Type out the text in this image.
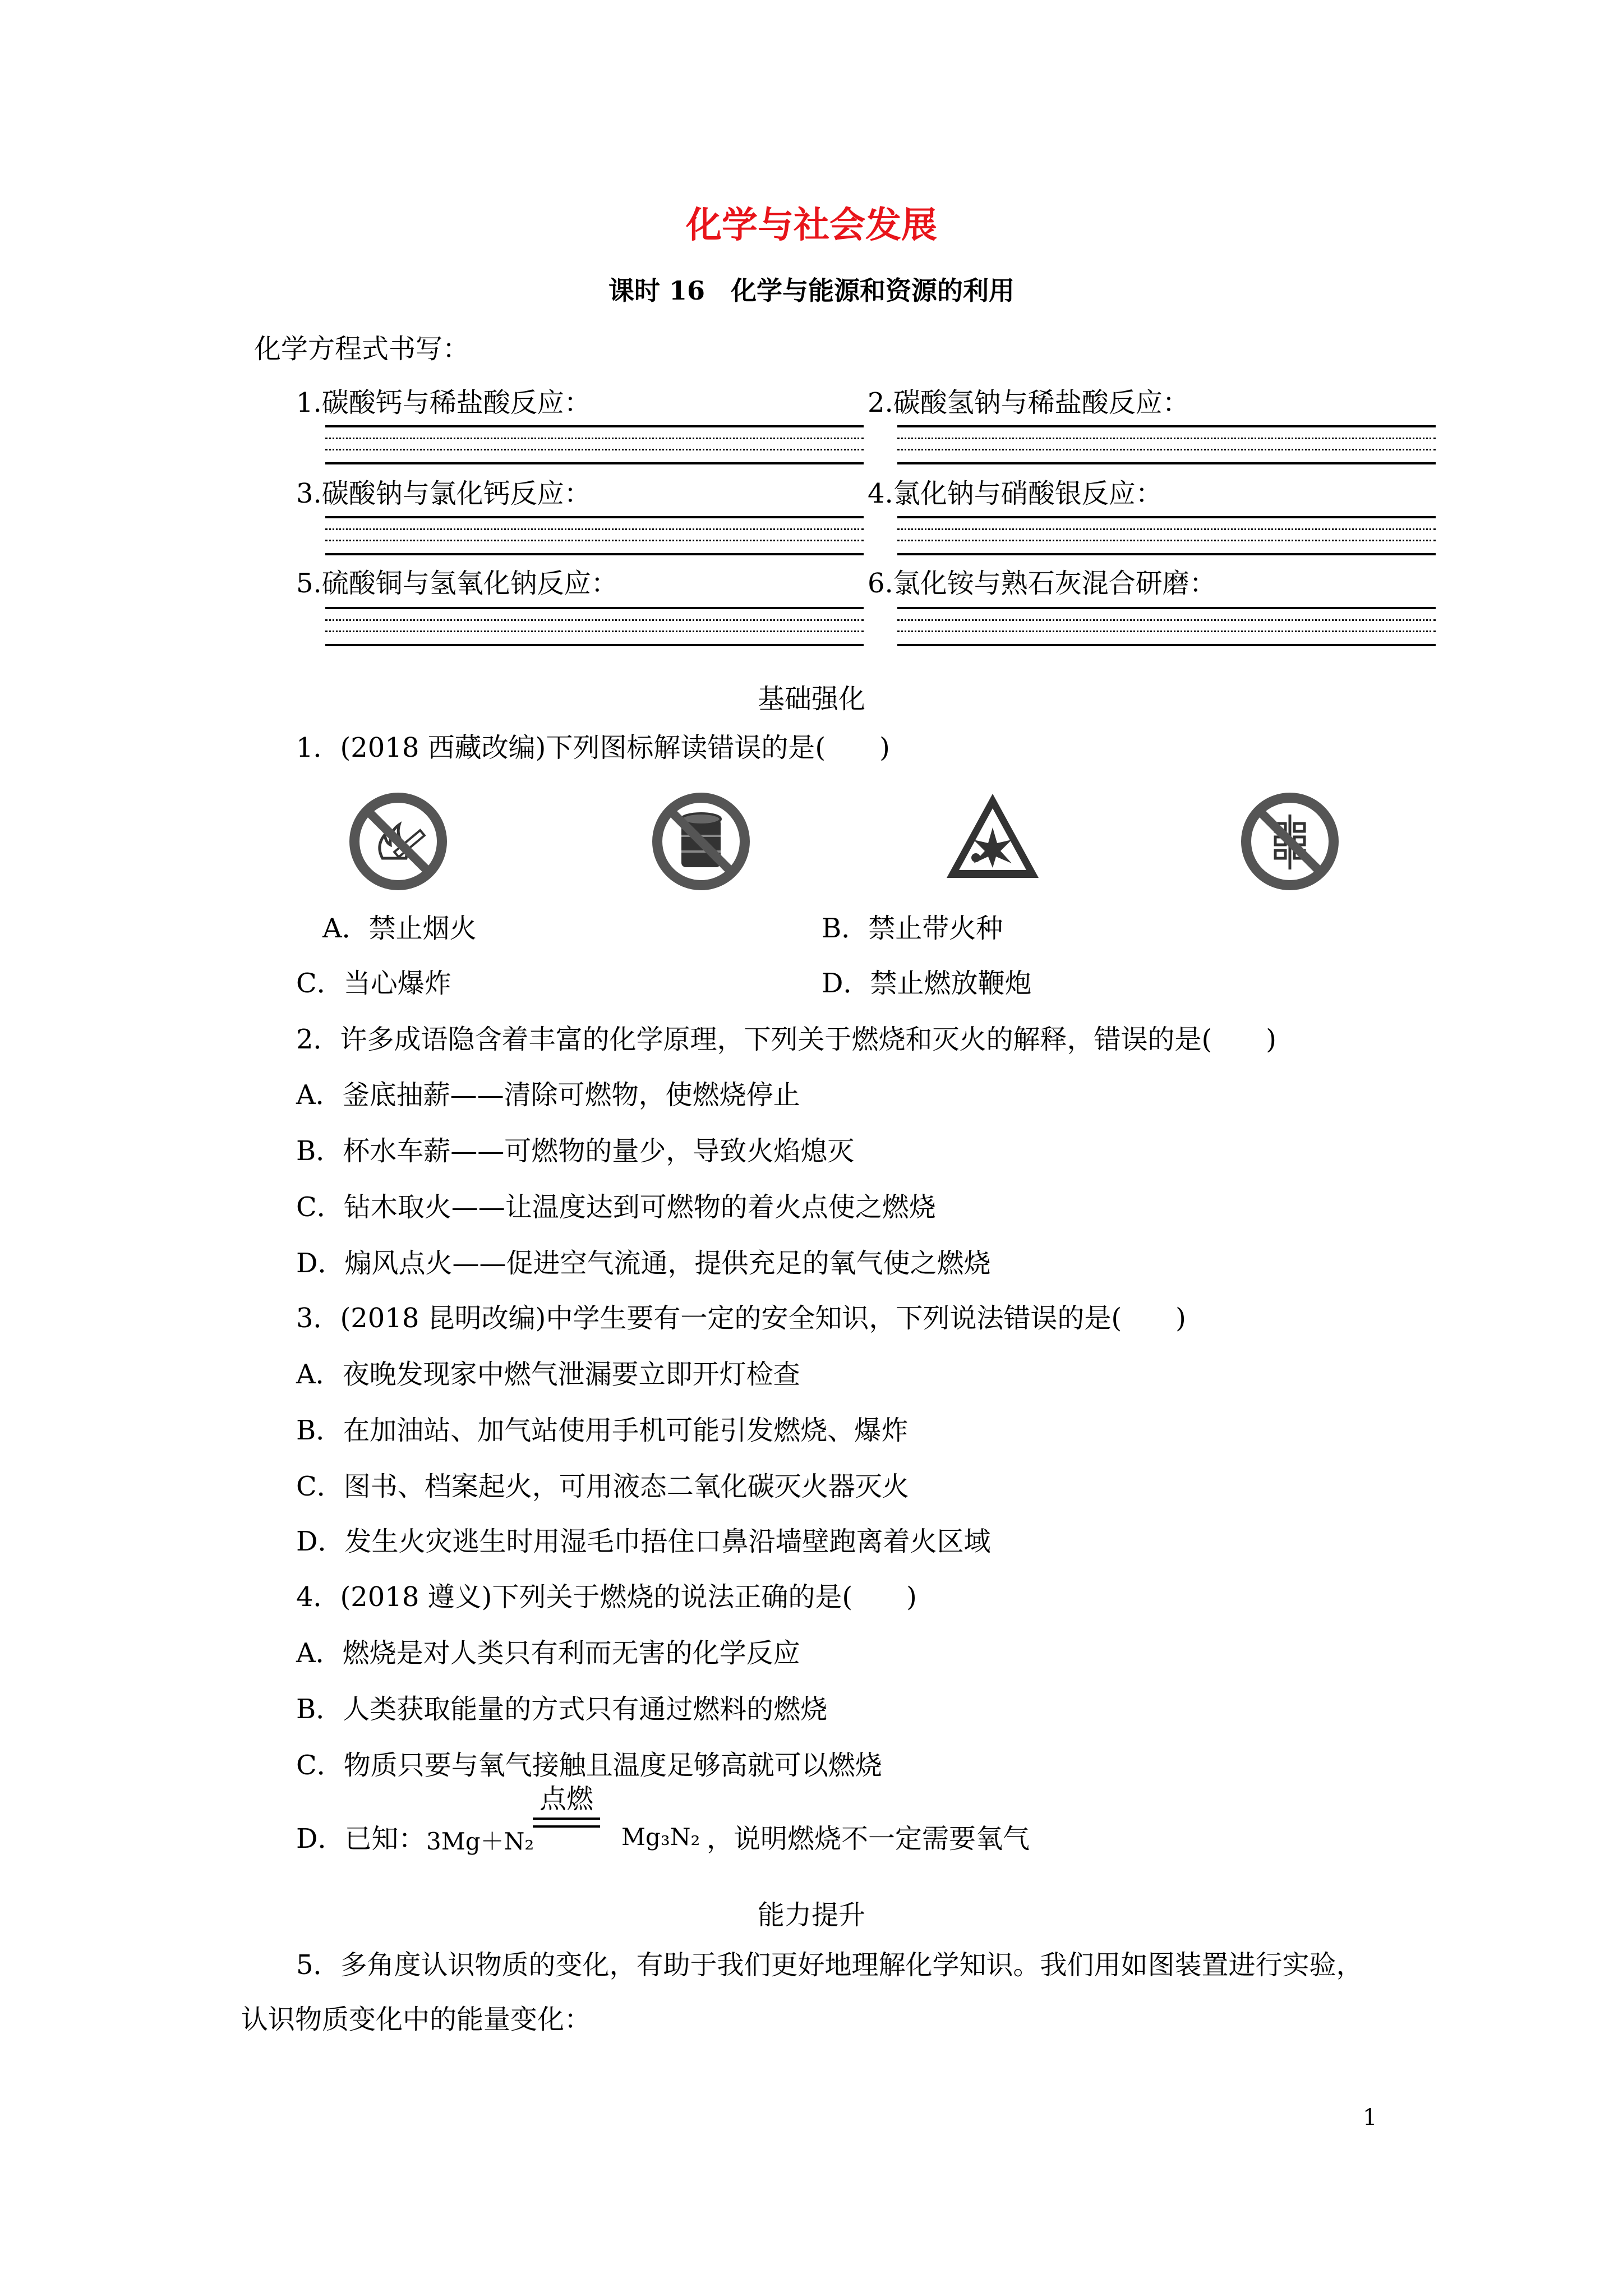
化学与社会发展
课时 16　化学与能源和资源的利用
化学方程式书写：
1.碳酸钙与稀盐酸反应：	2.碳酸氢钠与稀盐酸反应：
3.碳酸钠与氯化钙反应：	4.氯化钠与硝酸银反应：
5.硫酸铜与氢氧化钠反应：	6.氯化铵与熟石灰混合研磨：
基础强化
1．(2018 西藏改编)下列图标解读错误的是(　　)
A．禁止烟火	B．禁止带火种
C．当心爆炸	D．禁止燃放鞭炮
2．许多成语隐含着丰富的化学原理，下列关于燃烧和灭火的解释，错误的是(　　)
A．釜底抽薪——清除可燃物，使燃烧停止
B．杯水车薪——可燃物的量少，导致火焰熄灭
C．钻木取火——让温度达到可燃物的着火点使之燃烧
D．煽风点火——促进空气流通，提供充足的氧气使之燃烧
3．(2018 昆明改编)中学生要有一定的安全知识，下列说法错误的是(　　)
A．夜晚发现家中燃气泄漏要立即开灯检查
B．在加油站、加气站使用手机可能引发燃烧、爆炸
C．图书、档案起火，可用液态二氧化碳灭火器灭火
D．发生火灾逃生时用湿毛巾捂住口鼻沿墙壁跑离着火区域
4．(2018 遵义)下列关于燃烧的说法正确的是(　　)
A．燃烧是对人类只有利而无害的化学反应
B．人类获取能量的方式只有通过燃料的燃烧
C．物质只要与氧气接触且温度足够高就可以燃烧
D．已知： 3Mg＋N₂
点燃
Mg₃N₂ ，说明燃烧不一定需要氧气
能力提升
5．多角度认识物质的变化，有助于我们更好地理解化学知识。我们用如图装置进行实验，
认识物质变化中的能量变化：
1
